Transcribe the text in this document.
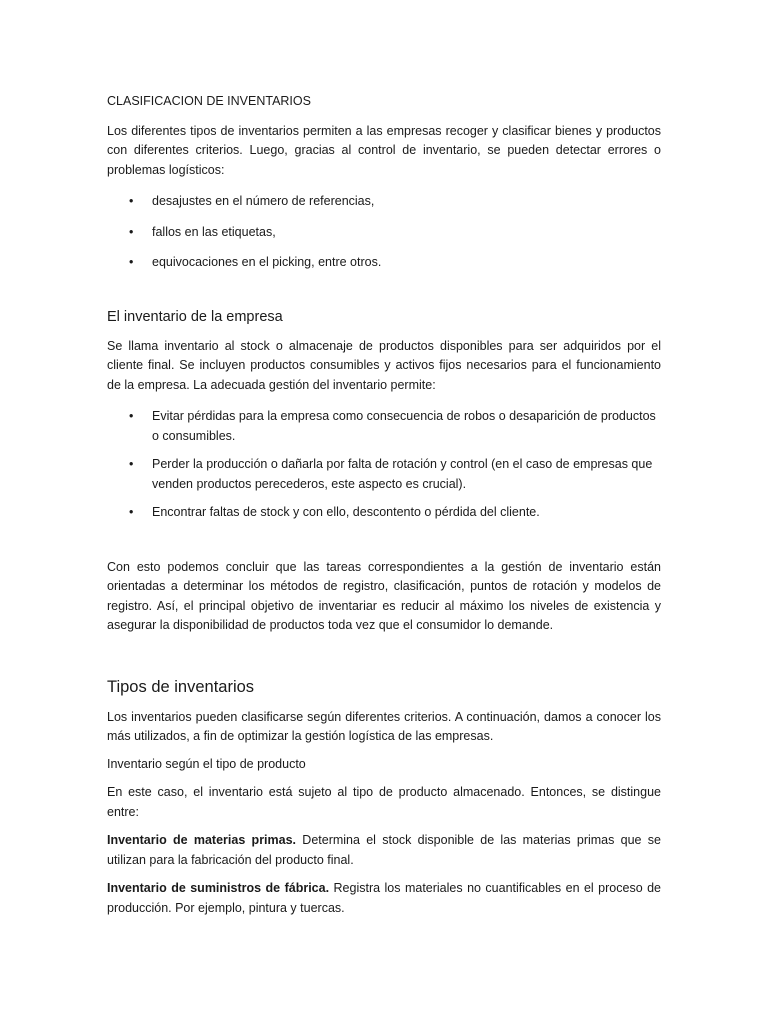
CLASIFICACION DE INVENTARIOS

Los diferentes tipos de inventarios permiten a las empresas recoger y clasificar bienes y productos con diferentes criterios. Luego, gracias al control de inventario, se pueden detectar errores o problemas logísticos:

• desajustes en el número de referencias,
• fallos en las etiquetas,
• equivocaciones en el picking, entre otros.
El inventario de la empresa

Se llama inventario al stock o almacenaje de productos disponibles para ser adquiridos por el cliente final. Se incluyen productos consumibles y activos fijos necesarios para el funcionamiento de la empresa. La adecuada gestión del inventario permite:

• Evitar pérdidas para la empresa como consecuencia de robos o desaparición de productos o consumibles.
• Perder la producción o dañarla por falta de rotación y control (en el caso de empresas que venden productos perecederos, este aspecto es crucial).
• Encontrar faltas de stock y con ello, descontento o pérdida del cliente.

Con esto podemos concluir que las tareas correspondientes a la gestión de inventario están orientadas a determinar los métodos de registro, clasificación, puntos de rotación y modelos de registro. Así, el principal objetivo de inventariar es reducir al máximo los niveles de existencia y asegurar la disponibilidad de productos toda vez que el consumidor lo demande.

Tipos de inventarios

Los inventarios pueden clasificarse según diferentes criterios. A continuación, damos a conocer los más utilizados, a fin de optimizar la gestión logística de las empresas.

Inventario según el tipo de producto

En este caso, el inventario está sujeto al tipo de producto almacenado. Entonces, se distingue entre:

Inventario de materias primas. Determina el stock disponible de las materias primas que se utilizan para la fabricación del producto final.

Inventario de suministros de fábrica. Registra los materiales no cuantificables en el proceso de producción. Por ejemplo, pintura y tuercas.
